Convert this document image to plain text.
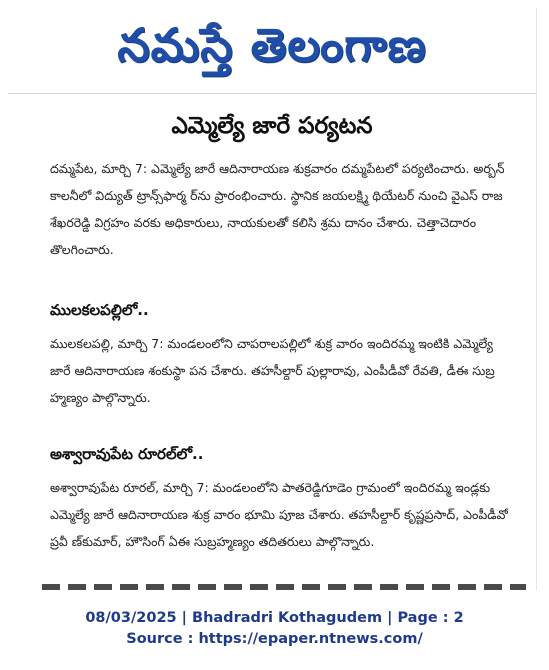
నమస్తే తెలంగాణ
ఎమ్మెల్యే జారే పర్యటన

దమ్మపేట, మార్చి 7: ఎమ్మెల్యే జారే ఆదినారాయణ శుక్రవారం దమ్మపేటలో పర్యటించారు. అర్బన్ కాలనీలో విద్యుత్ ట్రాన్స్‌ఫార్మ ర్‌ను ప్రారంభించారు. స్థానిక జయలక్ష్మి థియేటర్ నుంచి వైఎస్ రాజ శేఖరరెడ్డి విగ్రహం వరకు అధికారులు, నాయకులతో కలిసి శ్రమ దానం చేశారు. చెత్తాచెదారం తొలగించారు.

ములకలపల్లిలో..

ములకలపల్లి, మార్చి 7: మండలంలోని చాపరాలపల్లిలో శుక్ర వారం ఇందిరమ్మ ఇంటికి ఎమ్మెల్యే జారే ఆదినారాయణ శంకుస్థా పన చేశారు. తహసీల్దార్ పుల్లారావు, ఎంపీడీవో రేవతి, డీఈ సుబ్ర హ్మణ్యం పాల్గొన్నారు.

అశ్వారావుపేట రూరల్‌లో..

అశ్వారావుపేట రూరల్, మార్చి 7: మండలంలోని పాతరెడ్డిగూడెం గ్రామంలో ఇందిరమ్మ ఇండ్లకు ఎమ్మెల్యే జారే ఆదినారాయణ శుక్ర వారం భూమి పూజ చేశారు. తహసీల్దార్ కృష్ణప్రసాద్, ఎంపీడీవో ప్రవీ ణ్‌కుమార్, హౌసింగ్ ఏఈ సుబ్రహ్మణ్యం తదితరులు పాల్గొన్నారు.

08/03/2025 | Bhadradri Kothagudem | Page : 2
Source : https://epaper.ntnews.com/
